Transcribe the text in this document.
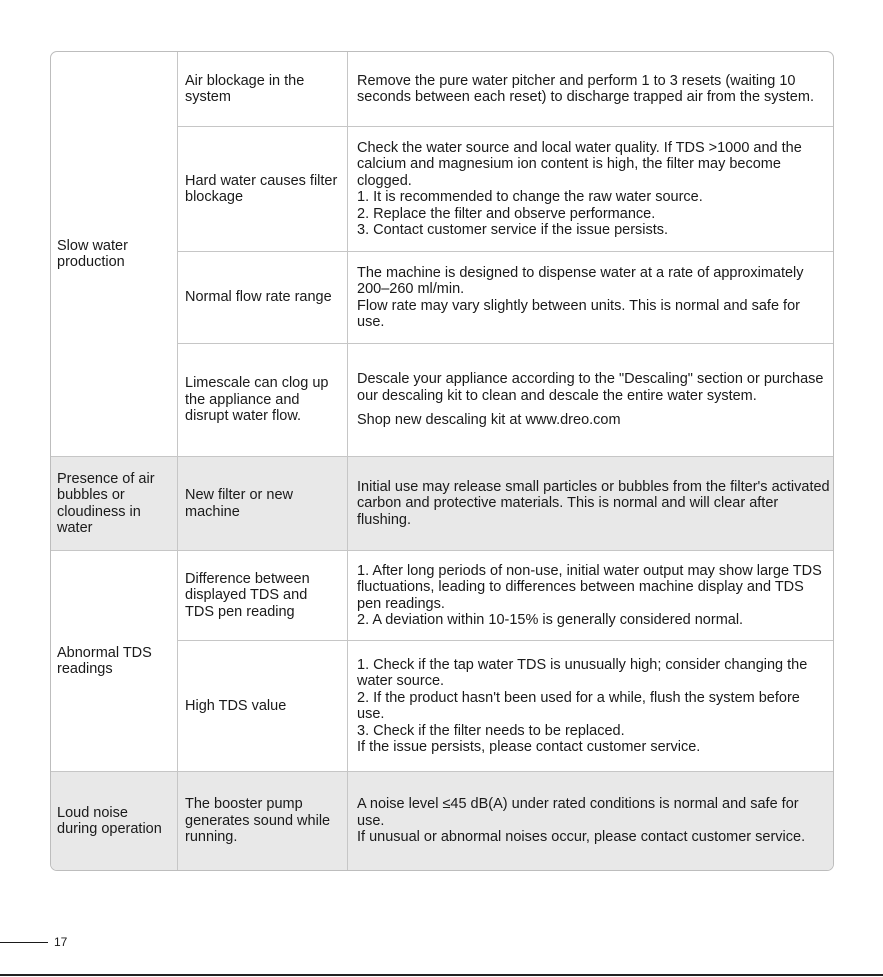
Slow water production
Air blockage in the system
Remove the pure water pitcher and perform 1 to 3 resets (waiting 10 seconds between each reset) to discharge trapped air from the system.
Hard water causes filter blockage
Check the water source and local water quality. If TDS >1000 and the calcium and magnesium ion content is high, the filter may become clogged.
1. It is recommended to change the raw water source.
2. Replace the filter and observe performance.
3. Contact customer service if the issue persists.
Normal flow rate range
The machine is designed to dispense water at a rate of approximately 200–260 ml/min.
Flow rate may vary slightly between units. This is normal and safe for use.
Limescale can clog up the appliance and disrupt water flow.
Descale your appliance according to the "Descaling" section or purchase our descaling kit to clean and descale the entire water system.
Shop new descaling kit at www.dreo.com
Presence of air bubbles or cloudiness in water
New filter or new machine
Initial use may release small particles or bubbles from the filter's activated carbon and protective materials. This is normal and will clear after flushing.
Abnormal TDS readings
Difference between displayed TDS and TDS pen reading
1. After long periods of non-use, initial water output may show large TDS fluctuations, leading to differences between machine display and TDS pen readings.
2. A deviation within 10-15% is generally considered normal.
High TDS value
1. Check if the tap water TDS is unusually high; consider changing the water source.
2. If the product hasn't been used for a while, flush the system before use.
3. Check if the filter needs to be replaced.
If the issue persists, please contact customer service.
Loud noise during operation
The booster pump generates sound while running.
A noise level ≤45 dB(A) under rated conditions is normal and safe for use.
If unusual or abnormal noises occur, please contact customer service.
17
